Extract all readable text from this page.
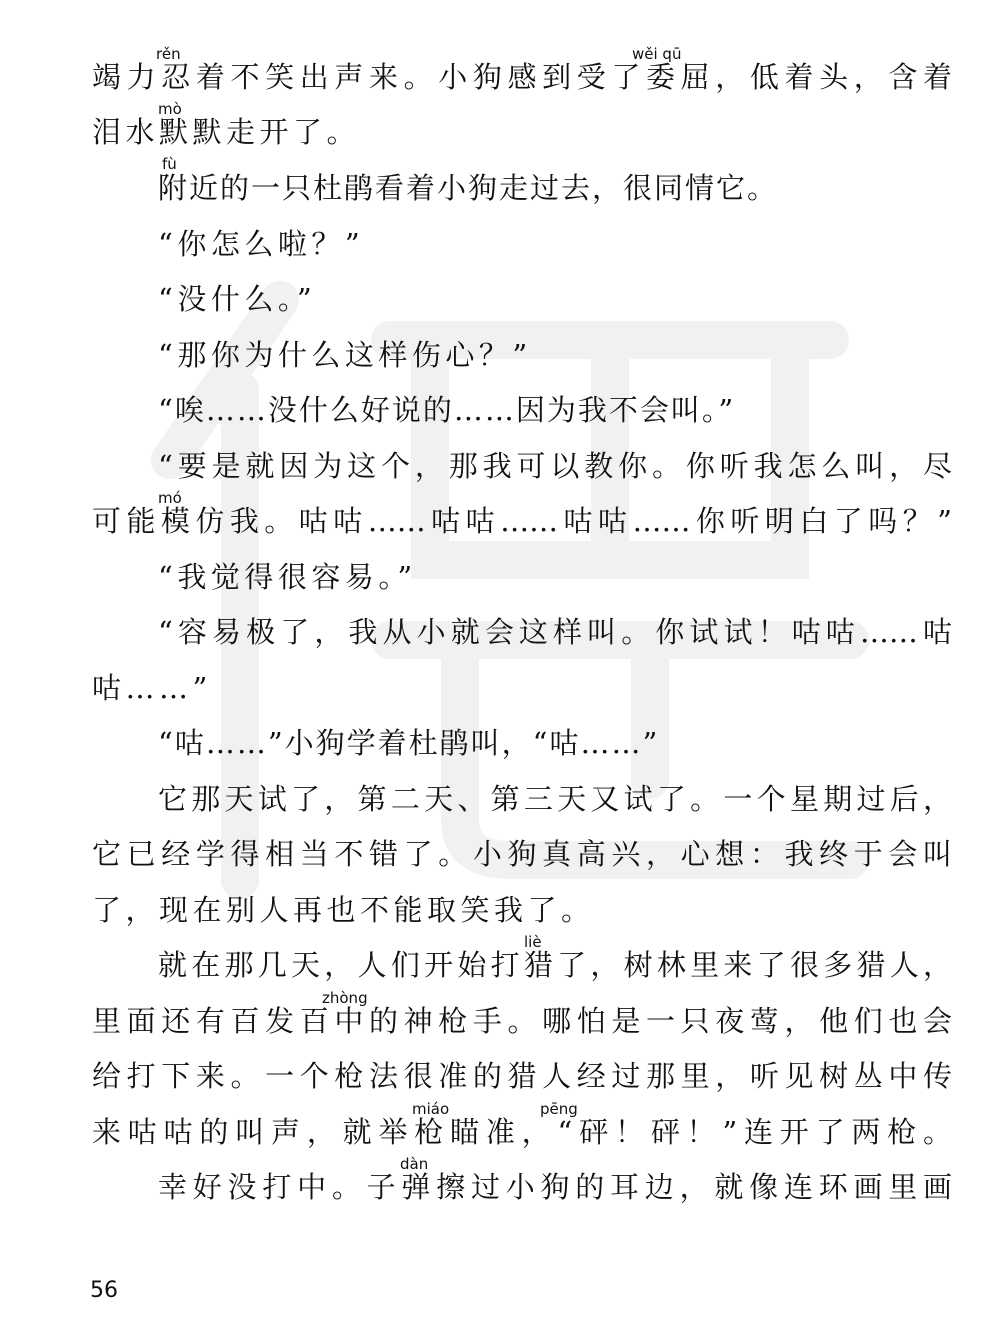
竭力忍着不笑出声来。小狗感到受了委屈，低着头，含着
泪水默默走开了。
附近的一只杜鹃看着小狗走过去，很同情它。
“你怎么啦？”
“没什么。”
“那你为什么这样伤心？”
“唉……没什么好说的……因为我不会叫。”
“要是就因为这个，那我可以教你。你听我怎么叫，尽
可能模仿我。咕咕……咕咕……咕咕……你听明白了吗？”
“我觉得很容易。”
“容易极了，我从小就会这样叫。你试试！咕咕……咕
咕……”
“咕……”小狗学着杜鹃叫，“咕……”
它那天试了，第二天、第三天又试了。一个星期过后，
它已经学得相当不错了。小狗真高兴，心想：我终于会叫
了，现在别人再也不能取笑我了。
就在那几天，人们开始打猎了，树林里来了很多猎人，
里面还有百发百中的神枪手。哪怕是一只夜莺，他们也会
给打下来。一个枪法很准的猎人经过那里，听见树丛中传
来咕咕的叫声，就举枪瞄准，“砰！砰！”连开了两枪。
幸好没打中。子弹擦过小狗的耳边，就像连环画里画
rěn	wěi qū
mò
fù
mó
liè
zhòng
miáo	pēng
dàn
56
